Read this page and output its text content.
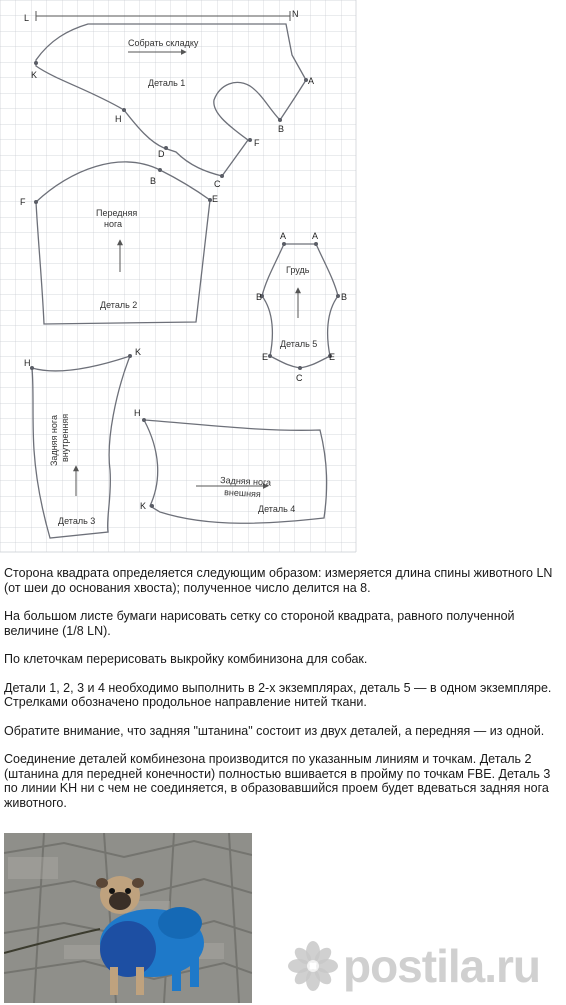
L	N
Собрать складку
Деталь 1
K
A
B
H
D
F
C
F
B
E
Передняя
нога
Деталь 2
A	A
B	B
E	E
C
Грудь
Деталь 5
H
K
Задняя нога внутренняя
Деталь 3
H
K
Задняя нога
внешняя
Деталь 4

Сторона квадрата определяется следующим образом: измеряется длина спины животного LN (от шеи до основания хвоста); полученное число делится на 8.

На большом листе бумаги нарисовать сетку со стороной квадрата, равного полученной величине (1/8 LN).

По клеточкам перерисовать выкройку комбинизона для собак.

Детали 1, 2, 3 и 4 необходимо выполнить в 2-х экземплярах, деталь 5 — в одном экземпляре. Стрелками обозначено продольное направление нитей ткани.

Обратите внимание, что задняя "штанина" состоит из двух деталей, а передняя — из одной.

Соединение деталей комбинезона производится по указанным линиям и точкам. Деталь 2 (штанина для передней конечности) полностью вшивается в пройму по точкам FBE. Деталь 3 по линии KH ни с чем не соединяется, в образовавшийся проем будет вдеваться задняя нога животного.

postila.ru
